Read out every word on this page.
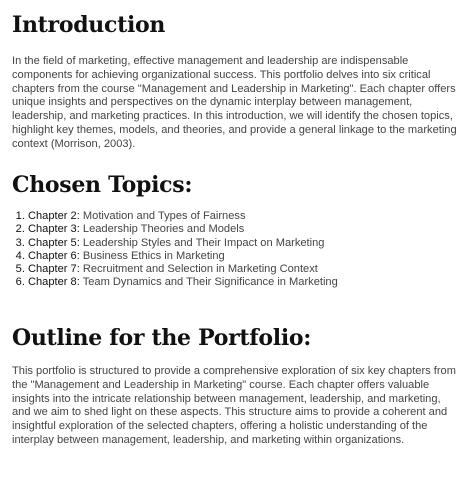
Introduction

In the field of marketing, effective management and leadership are indispensable components for achieving organizational success. This portfolio delves into six critical chapters from the course "Management and Leadership in Marketing". Each chapter offers unique insights and perspectives on the dynamic interplay between management, leadership, and marketing practices. In this introduction, we will identify the chosen topics, highlight key themes, models, and theories, and provide a general linkage to the marketing context (Morrison, 2003).

Chosen Topics:
1. Chapter 2: Motivation and Types of Fairness
2. Chapter 3: Leadership Theories and Models
3. Chapter 5: Leadership Styles and Their Impact on Marketing
4. Chapter 6: Business Ethics in Marketing
5. Chapter 7: Recruitment and Selection in Marketing Context
6. Chapter 8: Team Dynamics and Their Significance in Marketing
Outline for the Portfolio:

This portfolio is structured to provide a comprehensive exploration of six key chapters from the "Management and Leadership in Marketing" course. Each chapter offers valuable insights into the intricate relationship between management, leadership, and marketing, and we aim to shed light on these aspects. This structure aims to provide a coherent and insightful exploration of the selected chapters, offering a holistic understanding of the interplay between management, leadership, and marketing within organizations.
